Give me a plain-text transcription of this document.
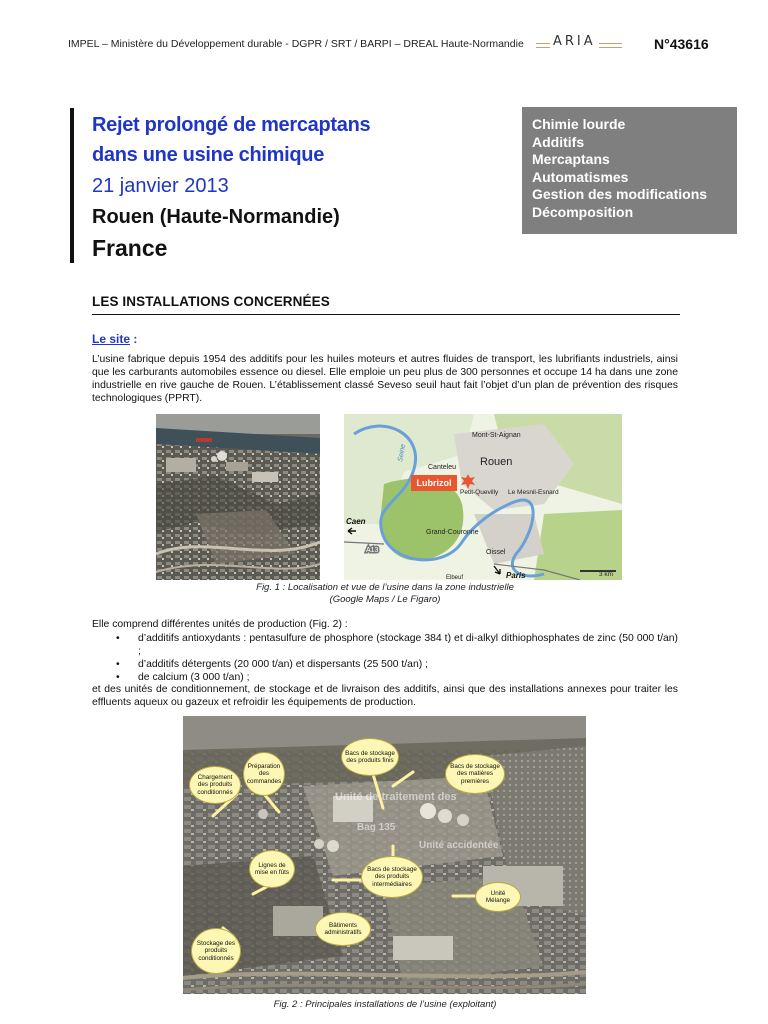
IMPEL – Ministère du Développement durable - DGPR / SRT / BARPI – DREAL Haute-Normandie ARIA	N°43616
Rejet prolongé de mercaptans
dans une usine chimique
21 janvier 2013
Rouen (Haute-Normandie)
France
Chimie lourde
Additifs
Mercaptans
Automatismes
Gestion des modifications
Décomposition
LES INSTALLATIONS CONCERNÉES
Le site :
L’usine fabrique depuis 1954 des additifs pour les huiles moteurs et autres fluides de transport, les lubrifiants industriels, ainsi que les carburants automobiles essence ou diesel. Elle emploie un peu plus de 300 personnes et occupe 14 ha dans une zone industrielle en rive gauche de Rouen. L’établissement classé Seveso seuil haut fait l’objet d’un plan de prévention des risques technologiques (PPRT).
Lubrizol
Mont-St-Aignan
Rouen
Canteleu
Petit-Quevilly Le Mesnil-Esnard
Grand-Couronne
Oissel
Caen
A13
Paris
Elbeuf	3 km
Seine
Fig. 1 : Localisation et vue de l’usine dans la zone industrielle
(Google Maps / Le Figaro)
Elle comprend différentes unités de production (Fig. 2) :
• d’additifs antioxydants : pentasulfure de phosphore (stockage 384 t) et di-alkyl dithiophosphates de zinc (50 000 t/an) ;
• d’additifs détergents (20 000 t/an) et dispersants (25 500 t/an) ;
• de calcium (3 000 t/an) ;
et des unités de conditionnement, de stockage et de livraison des additifs, ainsi que des installations annexes pour traiter les effluents aqueux ou gazeux et refroidir les équipements de production.
Unité de traitement des
Bag 135
Unité accidentée
Chargement des produits conditionnés
Préparation des commandes
Bacs de stockage des produits finis
Bacs de stockage des matières premières
Lignes de mise en fûts	Bacs de stockage des produits intermédiaires
Unité Mélange
Bâtiments administratifs
Stockage des produits conditionnés
Fig. 2 : Principales installations de l’usine (exploitant)
